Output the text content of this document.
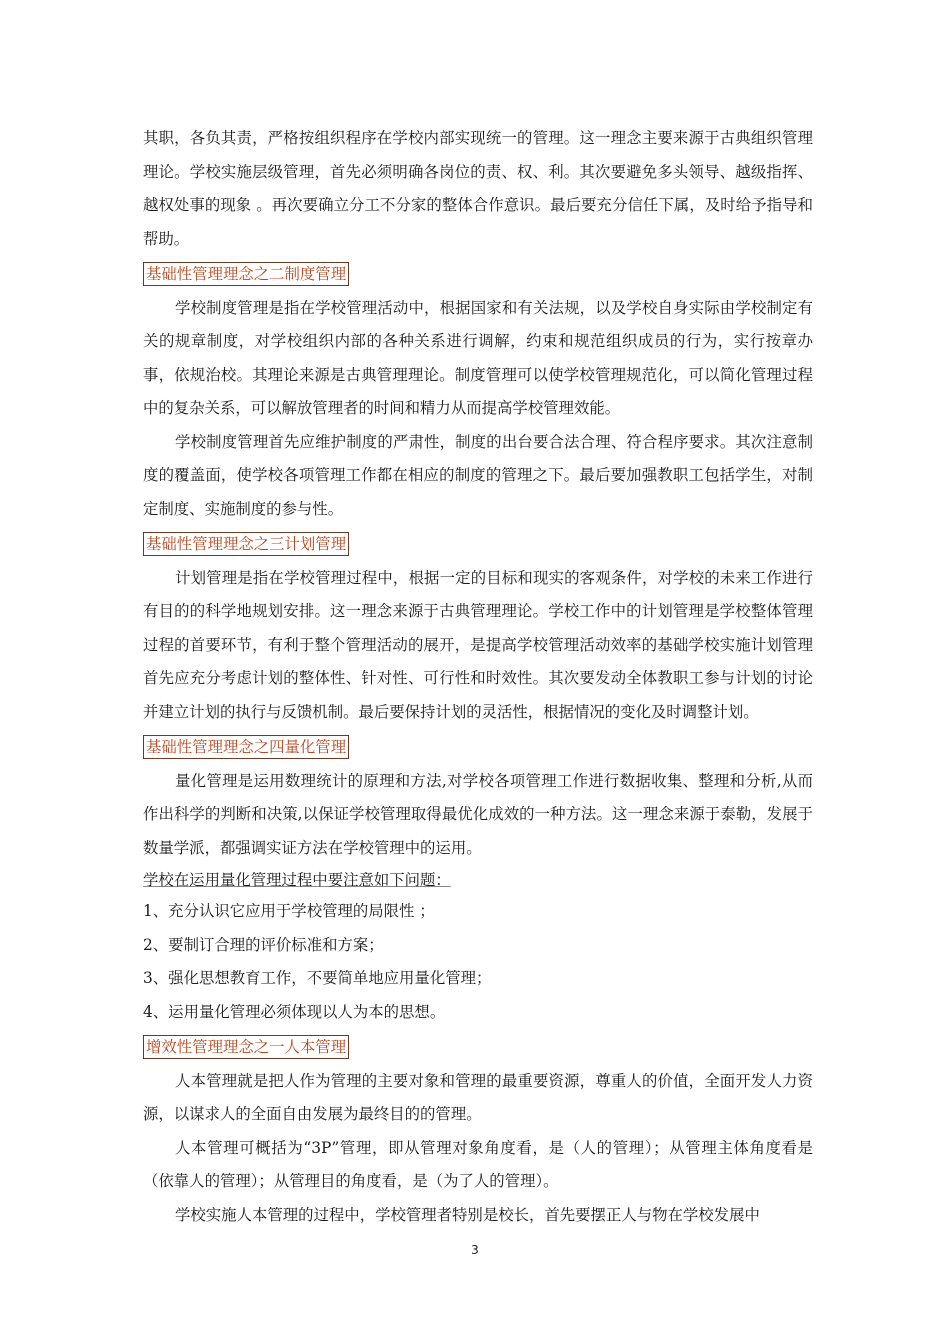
其职，各负其责，严格按组织程序在学校内部实现统一的管理。这一理念主要来源于古典组织管理理论。学校实施层级管理，首先必须明确各岗位的责、权、利。其次要避免多头领导、越级指挥、越权处事的现象 。再次要确立分工不分家的整体合作意识。最后要充分信任下属，及时给予指导和帮助。

基础性管理理念之二制度管理

学校制度管理是指在学校管理活动中，根据国家和有关法规，以及学校自身实际由学校制定有关的规章制度，对学校组织内部的各种关系进行调解，约束和规范组织成员的行为，实行按章办事，依规治校。其理论来源是古典管理理论。制度管理可以使学校管理规范化，可以简化管理过程中的复杂关系，可以解放管理者的时间和精力从而提高学校管理效能。

学校制度管理首先应维护制度的严肃性，制度的出台要合法合理、符合程序要求。其次注意制度的覆盖面，使学校各项管理工作都在相应的制度的管理之下。最后要加强教职工包括学生，对制定制度、实施制度的参与性。

基础性管理理念之三计划管理

计划管理是指在学校管理过程中，根据一定的目标和现实的客观条件，对学校的未来工作进行有目的的科学地规划安排。这一理念来源于古典管理理论。学校工作中的计划管理是学校整体管理过程的首要环节，有利于整个管理活动的展开，是提高学校管理活动效率的基础学校实施计划管理首先应充分考虑计划的整体性、针对性、可行性和时效性。其次要发动全体教职工参与计划的讨论并建立计划的执行与反馈机制。最后要保持计划的灵活性，根据情况的变化及时调整计划。

基础性管理理念之四量化管理

量化管理是运用数理统计的原理和方法,对学校各项管理工作进行数据收集、整理和分析,从而作出科学的判断和决策,以保证学校管理取得最优化成效的一种方法。这一理念来源于泰勒，发展于数量学派，都强调实证方法在学校管理中的运用。

学校在运用量化管理过程中要注意如下问题：

1、充分认识它应用于学校管理的局限性 ；

2、要制订合理的评价标准和方案；

3、强化思想教育工作，不要简单地应用量化管理；

4、运用量化管理必须体现以人为本的思想。

增效性管理理念之一人本管理

人本管理就是把人作为管理的主要对象和管理的最重要资源，尊重人的价值，全面开发人力资源，以谋求人的全面自由发展为最终目的的管理。

人本管理可概括为“3P”管理，即从管理对象角度看，是（人的管理）；从管理主体角度看是（依靠人的管理）；从管理目的角度看，是（为了人的管理）。

学校实施人本管理的过程中，学校管理者特别是校长，首先要摆正人与物在学校发展中

3
